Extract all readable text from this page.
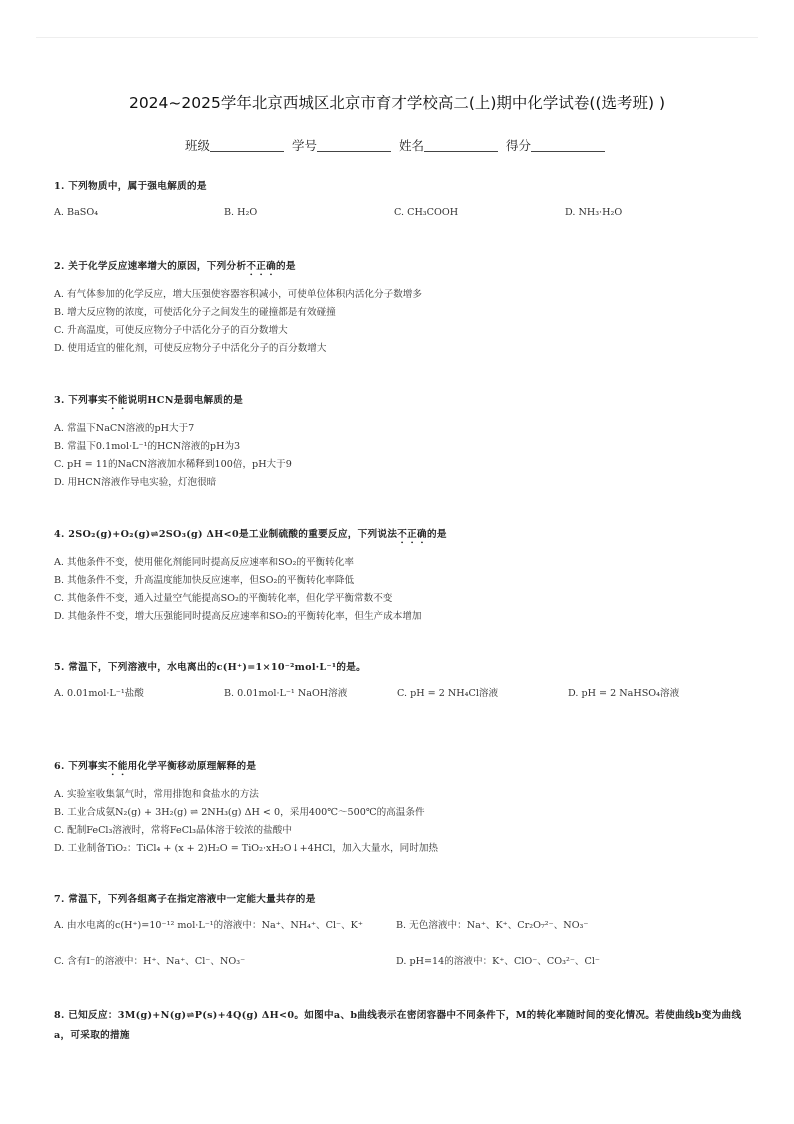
2024~2025学年北京西城区北京市育才学校高二(上)期中化学试卷((选考班) )
班级	学号	姓名	得分
1. 下列物质中，属于强电解质的是
A. BaSO₄	B. H₂O	C. CH₃COOH	D. NH₃·H₂O
2. 关于化学反应速率增大的原因，下列分析不正确的是
A. 有气体参加的化学反应，增大压强使容器容积减小，可使单位体积内活化分子数增多
B. 增大反应物的浓度，可使活化分子之间发生的碰撞都是有效碰撞
C. 升高温度，可使反应物分子中活化分子的百分数增大
D. 使用适宜的催化剂，可使反应物分子中活化分子的百分数增大
3. 下列事实不能说明HCN是弱电解质的是
A. 常温下NaCN溶液的pH大于7
B. 常温下0.1mol·L⁻¹的HCN溶液的pH为3
C. pH = 11的NaCN溶液加水稀释到100倍，pH大于9
D. 用HCN溶液作导电实验，灯泡很暗
4. 2SO₂(g)+O₂(g)⇌2SO₃(g) ΔH<0是工业制硫酸的重要反应，下列说法不正确的是
A. 其他条件不变，使用催化剂能同时提高反应速率和SO₂的平衡转化率
B. 其他条件不变，升高温度能加快反应速率，但SO₂的平衡转化率降低
C. 其他条件不变，通入过量空气能提高SO₂的平衡转化率，但化学平衡常数不变
D. 其他条件不变，增大压强能同时提高反应速率和SO₂的平衡转化率，但生产成本增加
5. 常温下，下列溶液中，水电离出的c(H⁺)=1×10⁻²mol·L⁻¹的是。
A. 0.01mol·L⁻¹盐酸	B. 0.01mol·L⁻¹ NaOH溶液	C. pH = 2 NH₄Cl溶液	D. pH = 2 NaHSO₄溶液
6. 下列事实不能用化学平衡移动原理解释的是
A. 实验室收集氯气时，常用排饱和食盐水的方法
B. 工业合成氨N₂(g) + 3H₂(g) ⇌ 2NH₃(g) ΔH < 0，采用400℃～500℃的高温条件
C. 配制FeCl₃溶液时，常将FeCl₃晶体溶于较浓的盐酸中
D. 工业制备TiO₂：TiCl₄ + (x + 2)H₂O = TiO₂·xH₂O↓+4HCl，加入大量水，同时加热
7. 常温下，下列各组离子在指定溶液中一定能大量共存的是
A. 由水电离的c(H⁺)=10⁻¹² mol·L⁻¹的溶液中：Na⁺、NH₄⁺、Cl⁻、K⁺	B. 无色溶液中：Na⁺、K⁺、Cr₂O₇²⁻、NO₃⁻
C. 含有I⁻的溶液中：H⁺、Na⁺、Cl⁻、NO₃⁻	D. pH=14的溶液中：K⁺、ClO⁻、CO₃²⁻、Cl⁻
8. 已知反应：3M(g)+N(g)⇌P(s)+4Q(g) ΔH<0。如图中a、b曲线表示在密闭容器中不同条件下，M的转化率随时间的变化情况。若使曲线b变为曲线a，可采取的措施
